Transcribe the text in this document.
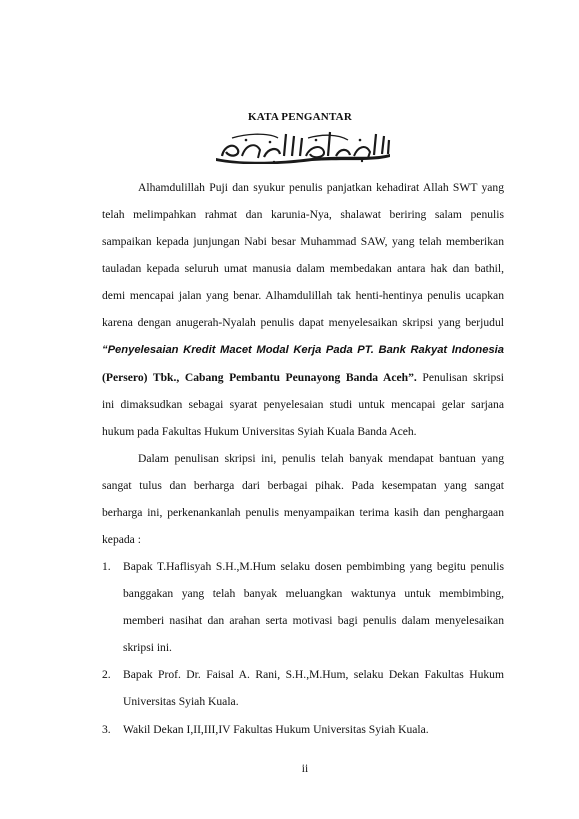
KATA PENGANTAR
Alhamdulillah Puji dan syukur penulis panjatkan kehadirat Allah SWT yang
telah melimpahkan rahmat dan karunia-Nya, shalawat beriring salam penulis
sampaikan kepada junjungan Nabi besar Muhammad SAW, yang telah memberikan
tauladan kepada seluruh umat manusia dalam membedakan antara hak dan bathil,
demi mencapai jalan yang benar. Alhamdulillah tak henti-hentinya penulis ucapkan
karena dengan anugerah-Nyalah penulis dapat menyelesaikan skripsi yang berjudul
“Penyelesaian Kredit Macet Modal Kerja Pada PT. Bank Rakyat Indonesia
(Persero) Tbk., Cabang Pembantu Peunayong Banda Aceh”. Penulisan skripsi
ini dimaksudkan sebagai syarat penyelesaian studi untuk mencapai gelar sarjana
hukum pada Fakultas Hukum Universitas Syiah Kuala Banda Aceh.
Dalam penulisan skripsi ini, penulis telah banyak mendapat bantuan yang
sangat tulus dan berharga dari berbagai pihak. Pada kesempatan yang sangat
berharga ini, perkenankanlah penulis menyampaikan terima kasih dan penghargaan
kepada :
1. Bapak T.Haflisyah S.H.,M.Hum selaku dosen pembimbing yang begitu penulis
banggakan yang telah banyak meluangkan waktunya untuk membimbing,
memberi nasihat dan arahan serta motivasi bagi penulis dalam menyelesaikan
skripsi ini.
2. Bapak Prof. Dr. Faisal A. Rani, S.H.,M.Hum, selaku Dekan Fakultas Hukum
Universitas Syiah Kuala.
3. Wakil Dekan I,II,III,IV Fakultas Hukum Universitas Syiah Kuala.
ii
